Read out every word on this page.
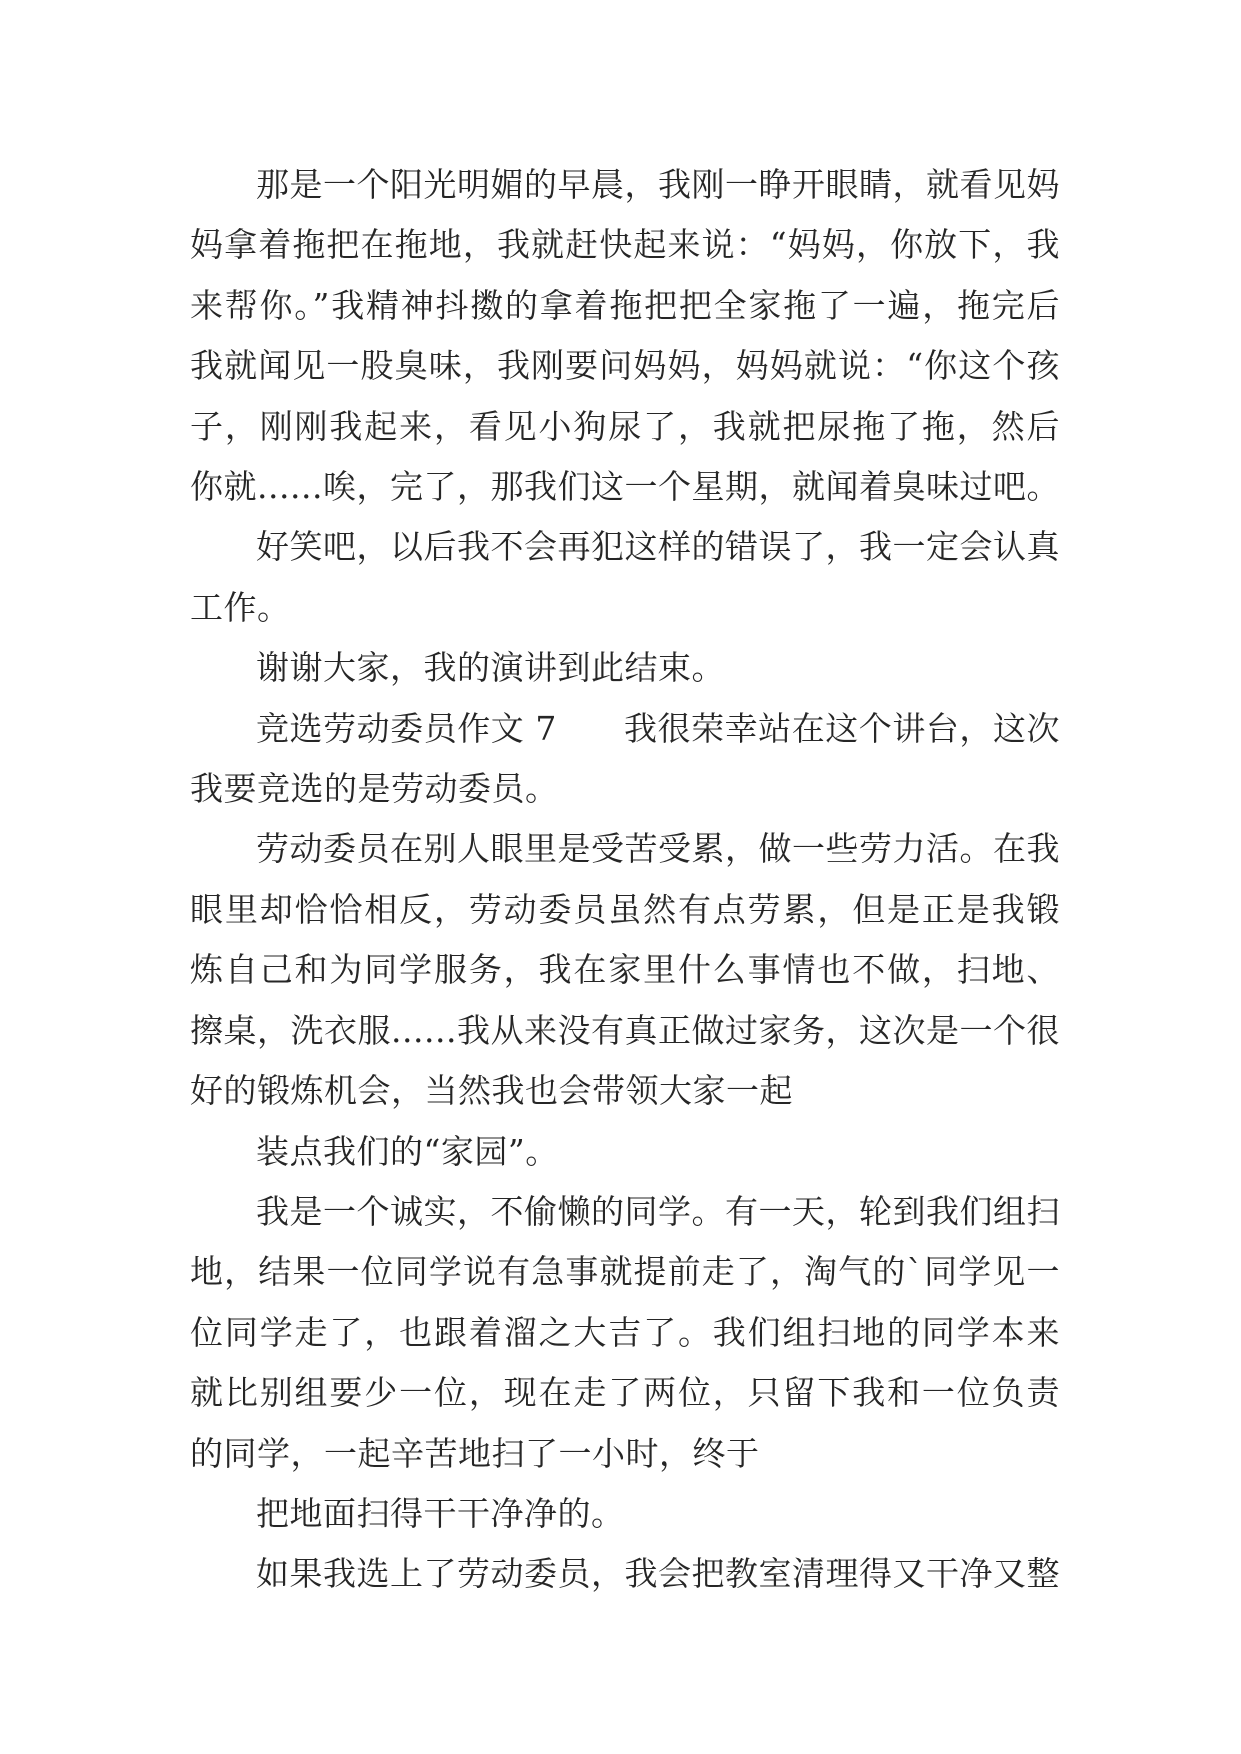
那是一个阳光明媚的早晨，我刚一睁开眼睛，就看见妈妈拿着拖把在拖地，我就赶快起来说：“妈妈，你放下，我来帮你。”我精神抖擞的拿着拖把把全家拖了一遍，拖完后我就闻见一股臭味，我刚要问妈妈，妈妈就说：“你这个孩子，刚刚我起来，看见小狗尿了，我就把尿拖了拖，然后你就......唉，完了，那我们这一个星期，就闻着臭味过吧。

好笑吧，以后我不会再犯这样的错误了，我一定会认真工作。

谢谢大家，我的演讲到此结束。

竞选劳动委员作文 7　　我很荣幸站在这个讲台，这次我要竞选的是劳动委员。

劳动委员在别人眼里是受苦受累，做一些劳力活。在我眼里却恰恰相反，劳动委员虽然有点劳累，但是正是我锻炼自己和为同学服务，我在家里什么事情也不做，扫地、擦桌，洗衣服......我从来没有真正做过家务，这次是一个很好的锻炼机会，当然我也会带领大家一起

装点我们的“家园”。

我是一个诚实，不偷懒的同学。有一天，轮到我们组扫地，结果一位同学说有急事就提前走了，淘气的`同学见一位同学走了，也跟着溜之大吉了。我们组扫地的同学本来就比别组要少一位，现在走了两位，只留下我和一位负责的同学，一起辛苦地扫了一小时，终于

把地面扫得干干净净的。

如果我选上了劳动委员，我会把教室清理得又干净又整
